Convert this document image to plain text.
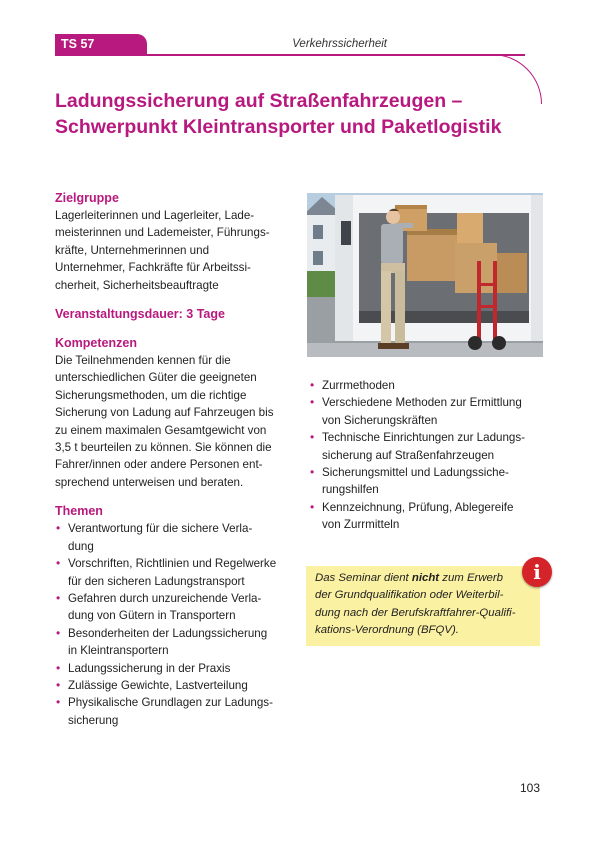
TS 57	Verkehrssicherheit
Ladungssicherung auf Straßenfahrzeugen –
Schwerpunkt Kleintransporter und Paketlogistik
Zielgruppe

Lagerleiterinnen und Lagerleiter, Lade-
meisterinnen und Lademeister, Führungs-
kräfte, Unternehmerinnen und
Unternehmer, Fachkräfte für Arbeitssi-
cherheit, Sicherheitsbeauftragte

Veranstaltungsdauer: 3 Tage
Kompetenzen

Die Teilnehmenden kennen für die
unterschiedlichen Güter die geeigneten
Sicherungsmethoden, um die richtige
Sicherung von Ladung auf Fahrzeugen bis
zu einem maximalen Gesamtgewicht von
3,5 t beurteilen zu können. Sie können die
Fahrer/innen oder andere Personen ent-
sprechend unterweisen und beraten.

Themen
• Verantwortung für die sichere Verla-
dung
• Vorschriften, Richtlinien und Regelwerke
für den sicheren Ladungstransport
• Gefahren durch unzureichende Verla-
dung von Gütern in Transportern
• Besonderheiten der Ladungssicherung
in Kleintransportern
• Ladungssicherung in der Praxis
• Zulässige Gewichte, Lastverteilung
• Physikalische Grundlagen zur Ladungs-
sicherung
• Zurrmethoden
• Verschiedene Methoden zur Ermittlung
von Sicherungskräften
• Technische Einrichtungen zur Ladungs-
sicherung auf Straßenfahrzeugen
• Sicherungsmittel und Ladungssiche-
rungshilfen
• Kennzeichnung, Prüfung, Ablegereife
von Zurrmitteln
Das Seminar dient nicht zum Erwerb
der Grundqualifikation oder Weiterbil-
dung nach der Berufskraftfahrer-Qualifi-
kations-Verordnung (BFQV).
i
103
